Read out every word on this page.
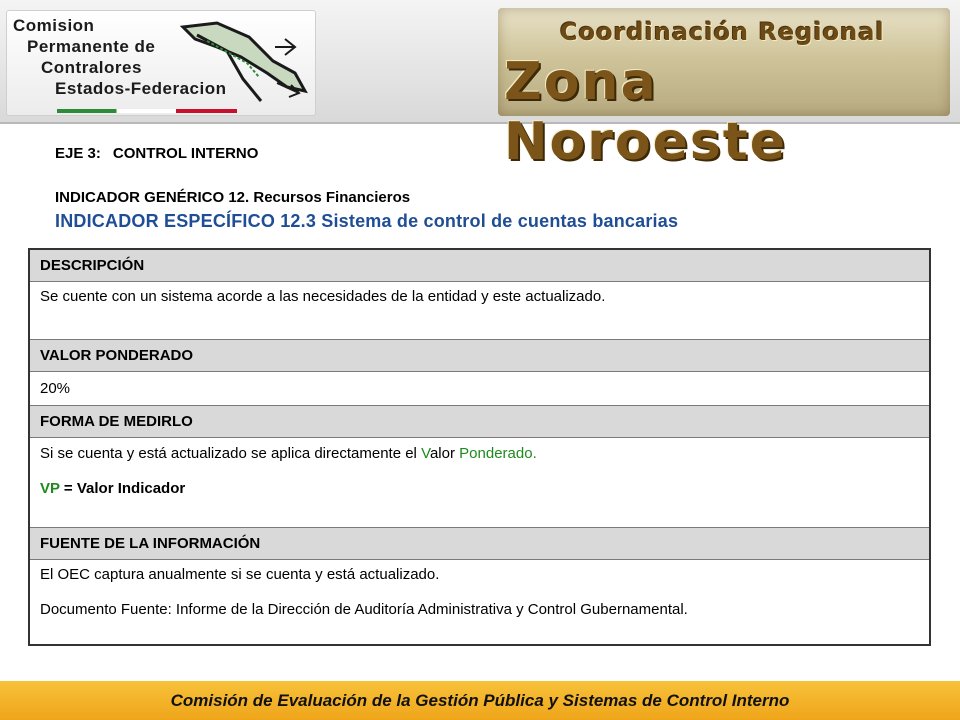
Comision
Permanente de
Contralores
Estados-Federacion
Coordinación Regional
Zona Noroeste
EJE 3: CONTROL INTERNO
INDICADOR GENÉRICO 12. Recursos Financieros
INDICADOR ESPECÍFICO 12.3 Sistema de control de cuentas bancarias
DESCRIPCIÓN
Se cuente con un sistema acorde a las necesidades de la entidad y este actualizado.
VALOR PONDERADO
20%
FORMA DE MEDIRLO
Si se cuenta y está actualizado se aplica directamente el Valor Ponderado.
VP = Valor Indicador
FUENTE DE LA INFORMACIÓN
El OEC captura anualmente si se cuenta y está actualizado.
Documento Fuente: Informe de la Dirección de Auditoría Administrativa y Control Gubernamental.
Comisión de Evaluación de la Gestión Pública y Sistemas de Control Interno
